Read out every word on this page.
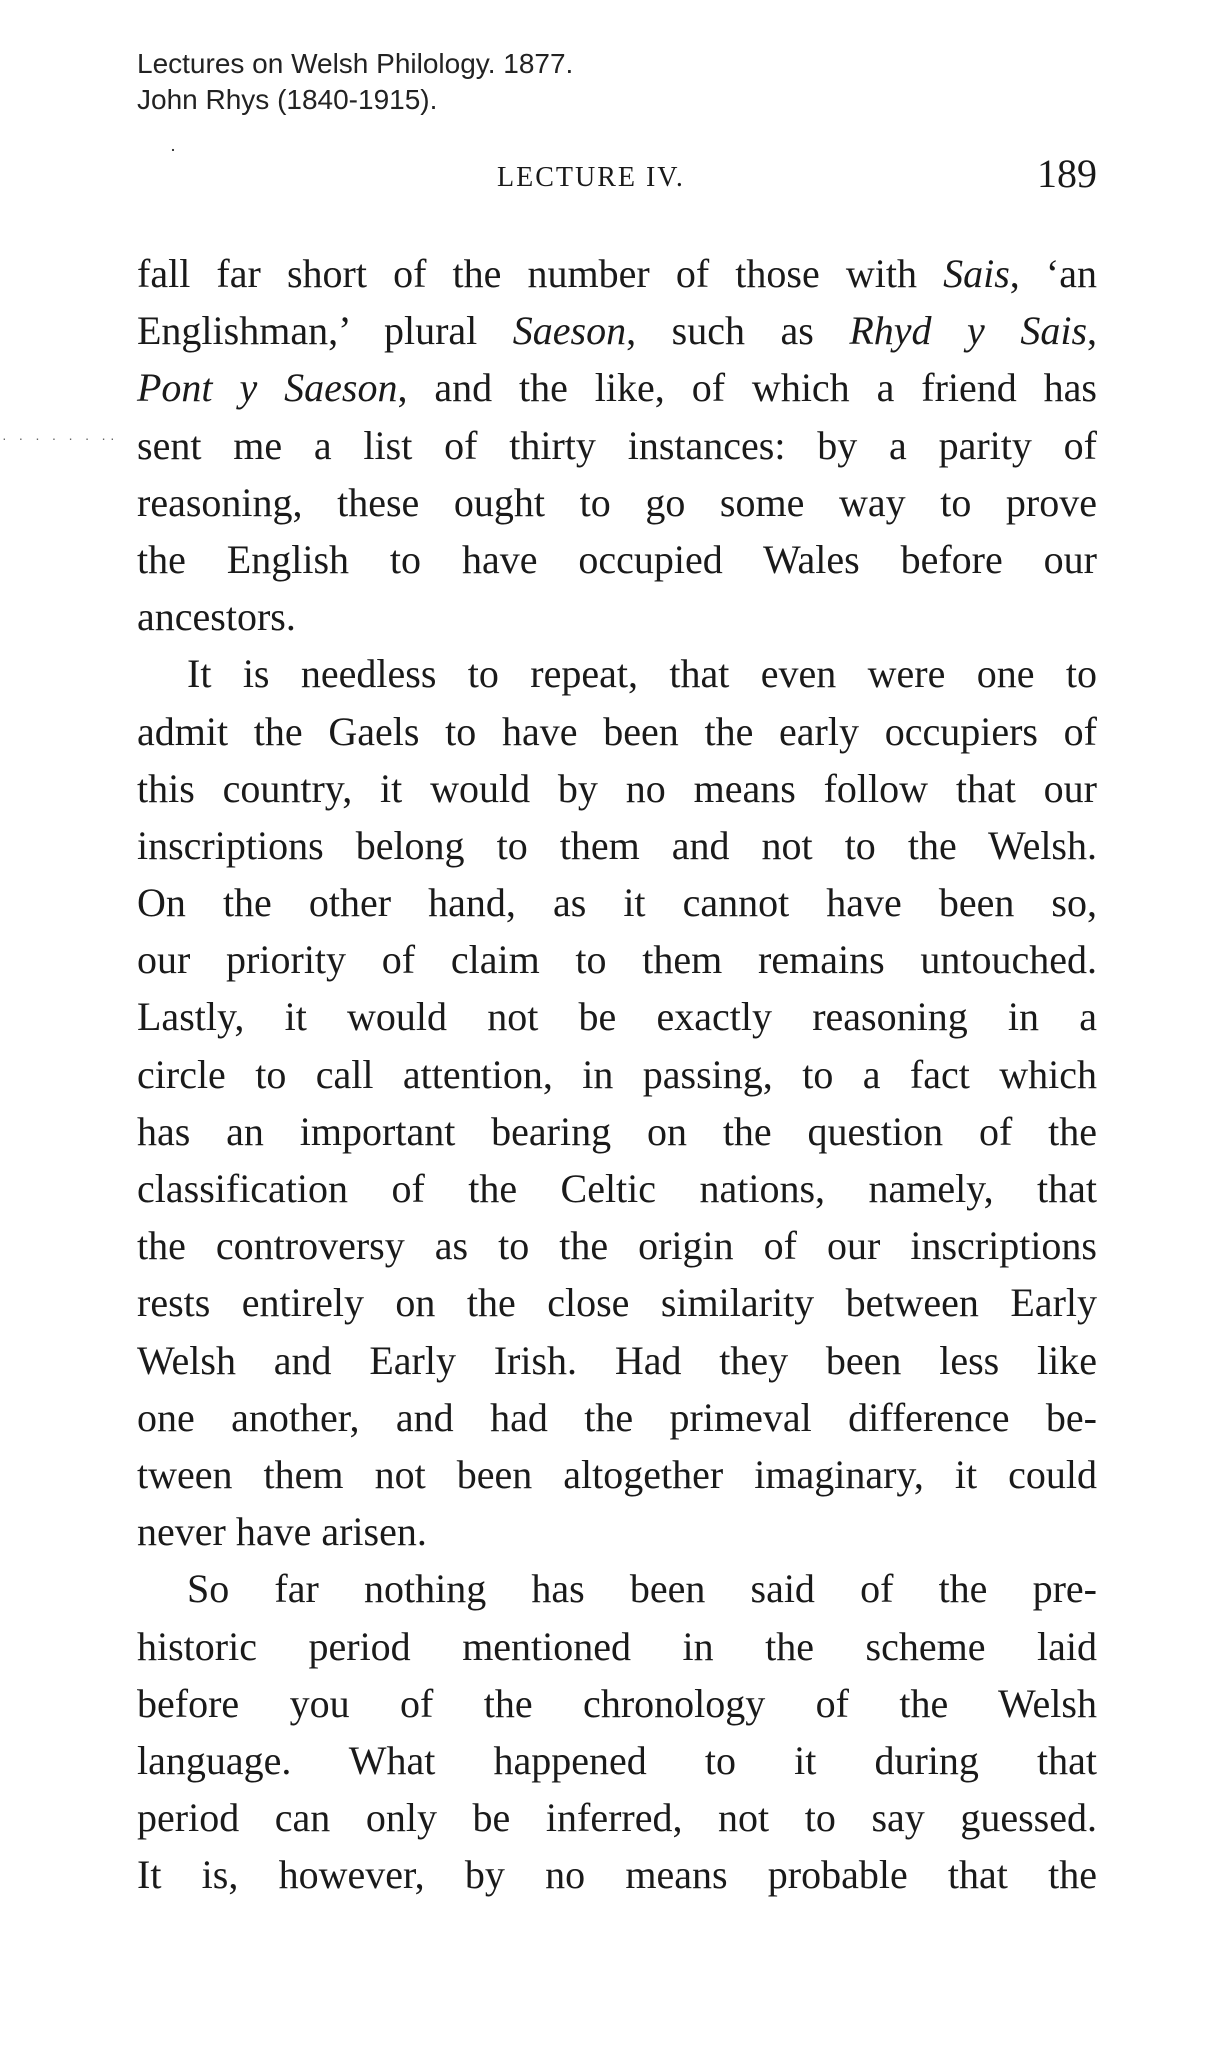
Lectures on Welsh Philology. 1877.
John Rhys (1840-1915).
·
LECTURE IV.	189
· · · · · · ··
fall far short of the number of those with Sais, ‘an
Englishman,’ plural Saeson, such as Rhyd y Sais,
Pont y Saeson, and the like, of which a friend has
sent me a list of thirty instances: by a parity of
reasoning, these ought to go some way to prove
the English to have occupied Wales before our
ancestors.
It is needless to repeat, that even were one to
admit the Gaels to have been the early occupiers of
this country, it would by no means follow that our
inscriptions belong to them and not to the Welsh.
On the other hand, as it cannot have been so,
our priority of claim to them remains untouched.
Lastly, it would not be exactly reasoning in a
circle to call attention, in passing, to a fact which
has an important bearing on the question of the
classification of the Celtic nations, namely, that
the controversy as to the origin of our inscriptions
rests entirely on the close similarity between Early
Welsh and Early Irish. Had they been less like
one another, and had the primeval difference be-
tween them not been altogether imaginary, it could
never have arisen.
So far nothing has been said of the pre-
historic period mentioned in the scheme laid
before you of the chronology of the Welsh
language. What happened to it during that
period can only be inferred, not to say guessed.
It is, however, by no means probable that the
